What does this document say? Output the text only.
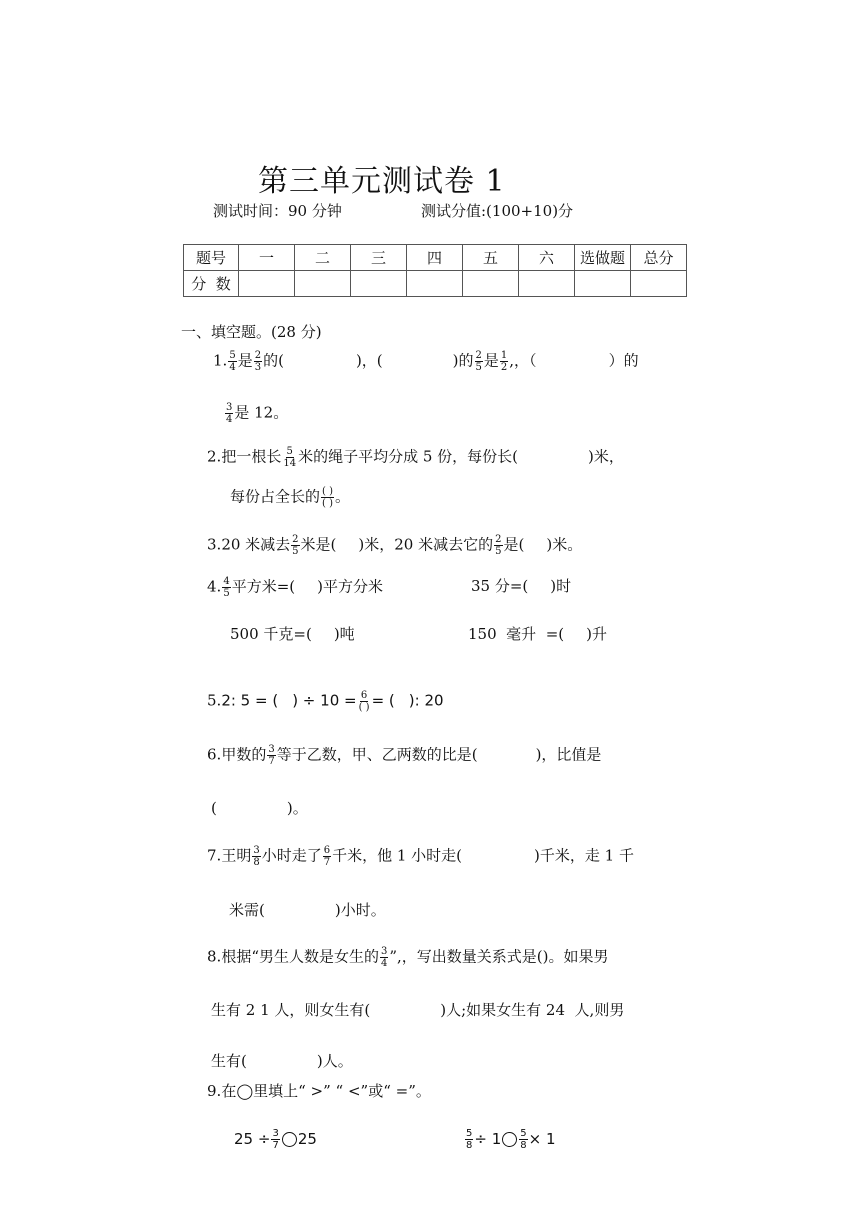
第三单元测试卷 1
测试时间：90 分钟	测试分值:(100+10)分
题号	一	二	三	四	五	六	选做题	总分
分  数								
一、填空题。(28 分)
1. $\frac{5}{4}$ 是 $\frac{2}{3}$ 的(	)，(	)的 $\frac{2}{5}$ 是 $\frac{1}{2}$ ,，（	）的
$\frac{3}{4}$ 是 12。
2.把一根长 $\frac{5}{14}$ 米的绳子平均分成 5 份，每份长(	)米，
每份占全长的 $\frac{( )}{( )}$ 。
3.20 米减去 $\frac{2}{5}$ 米是( )米，20 米减去它的 $\frac{2}{5}$ 是( )米。
4. $\frac{4}{5}$ 平方米=( )平方分米	35 分=( )时
500 千克=( )吨	150  毫升  =( )升
5.2: 5 = ( ) ÷ $10 = \frac{6}{( )}$ = ( ): 20
6.甲数的 $\frac{3}{7}$ 等于乙数，甲、乙两数的比是(	)，比值是
(	)。
7.王明 $\frac{3}{8}$ 小时走了 $\frac{6}{7}$ 千米，他 1 小时走(	)千米，走 1 千
米需(	)小时。
8.根据“男生人数是女生的 $\frac{3}{4}$ ”,，写出数量关系式是()。如果男
生有 2 1 人，则女生有(	)人;如果女生有 24  人,则男
生有(	)人。
9.在◯里填上“ >” “ <”或“ =”。
$25 \div \frac{3}{7} 25$	$\frac{5}{8} \div 1 \frac{5}{8} \times 1$
